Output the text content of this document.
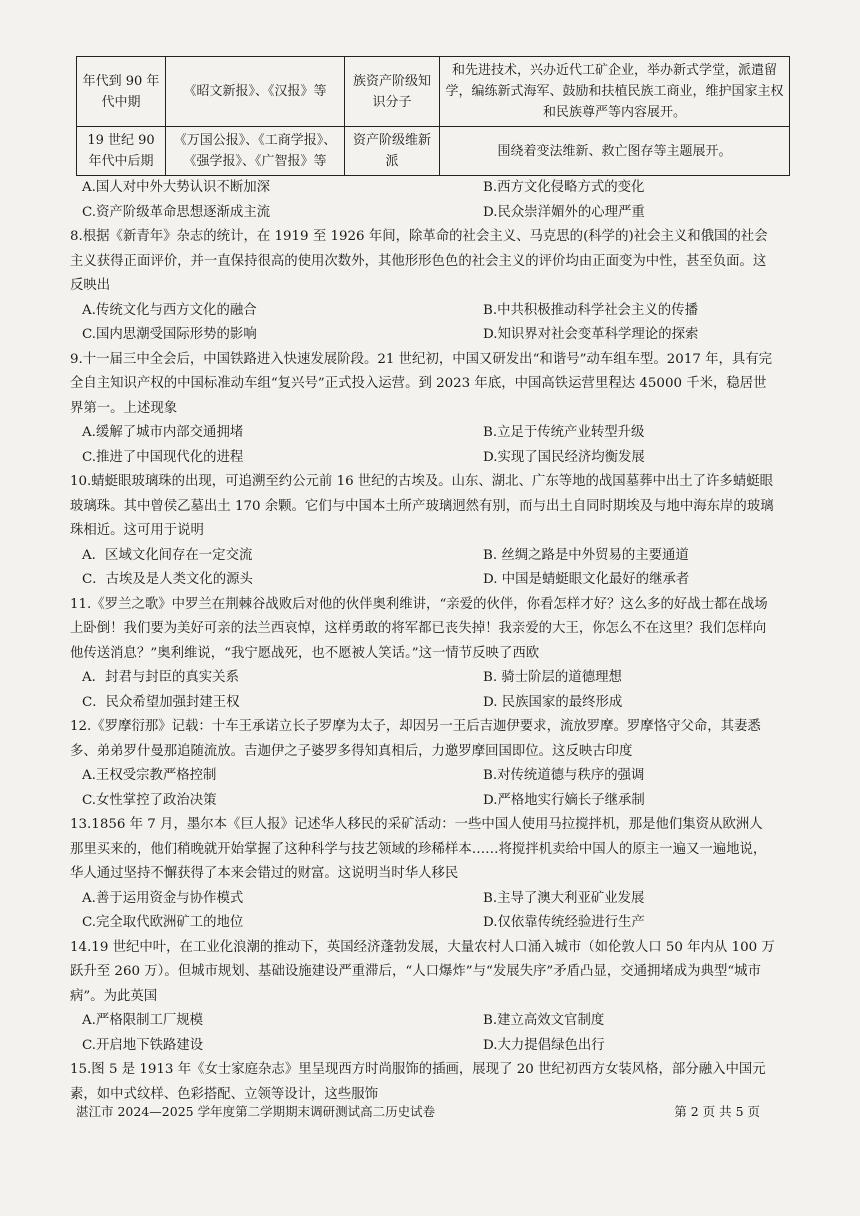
年代到 90 年代中期	《昭文新报》、《汉报》等	族资产阶级知识分子	和先进技术，兴办近代工矿企业，举办新式学堂，派遣留学，编练新式海军、鼓励和扶植民族工商业，维护国家主权和民族尊严等内容展开。
19 世纪 90 年代中后期	《万国公报》、《工商学报》、《强学报》、《广智报》等	资产阶级维新派	围绕着变法维新、救亡图存等主题展开。
A.国人对中外大势认识不断加深	B.西方文化侵略方式的变化
C.资产阶级革命思想逐渐成主流	D.民众崇洋媚外的心理严重

8.根据《新青年》杂志的统计，在 1919 至 1926 年间，除革命的社会主义、马克思的(科学的)社会主义和俄国的社会主义获得正面评价，并一直保持很高的使用次数外，其他形形色色的社会主义的评价均由正面变为中性，甚至负面。这反映出

A.传统文化与西方文化的融合	B.中共积极推动科学社会主义的传播
C.国内思潮受国际形势的影响	D.知识界对社会变革科学理论的探索

9.十一届三中全会后，中国铁路进入快速发展阶段。21 世纪初，中国又研发出“和谐号”动车组车型。2017 年，具有完全自主知识产权的中国标准动车组“复兴号”正式投入运营。到 2023 年底，中国高铁运营里程达 45000 千米，稳居世界第一。上述现象

A.缓解了城市内部交通拥堵	B.立足于传统产业转型升级
C.推进了中国现代化的进程	D.实现了国民经济均衡发展

10.蜻蜓眼玻璃珠的出现，可追溯至约公元前 16 世纪的古埃及。山东、湖北、广东等地的战国墓葬中出土了许多蜻蜓眼玻璃珠。其中曾侯乙墓出土 170 余颗。它们与中国本土所产玻璃迥然有别，而与出土自同时期埃及与地中海东岸的玻璃珠相近。这可用于说明

A．区域文化间存在一定交流	B. 丝绸之路是中外贸易的主要通道
C．古埃及是人类文化的源头	D. 中国是蜻蜓眼文化最好的继承者

11.《罗兰之歌》中罗兰在荆棘谷战败后对他的伙伴奥利维讲，“亲爱的伙伴，你看怎样才好？这么多的好战士都在战场上卧倒！我们要为美好可亲的法兰西哀悼，这样勇敢的将军都已丧失掉！我亲爱的大王，你怎么不在这里？我们怎样向他传送消息？”奥利维说，“我宁愿战死，也不愿被人笑话。”这一情节反映了西欧

A．封君与封臣的真实关系	B. 骑士阶层的道德理想
C．民众希望加强封建王权	D. 民族国家的最终形成

12.《罗摩衍那》记载：十车王承诺立长子罗摩为太子，却因另一王后吉迦伊要求，流放罗摩。罗摩恪守父命，其妻悉多、弟弟罗什曼那追随流放。吉迦伊之子婆罗多得知真相后，力邀罗摩回国即位。这反映古印度

A.王权受宗教严格控制	B.对传统道德与秩序的强调
C.女性掌控了政治决策	D.严格地实行嫡长子继承制

13.1856 年 7 月，墨尔本《巨人报》记述华人移民的采矿活动：一些中国人使用马拉搅拌机，那是他们集资从欧洲人那里买来的，他们稍晚就开始掌握了这种科学与技艺领域的珍稀样本……将搅拌机卖给中国人的原主一遍又一遍地说，华人通过坚持不懈获得了本来会错过的财富。这说明当时华人移民

A.善于运用资金与协作模式	B.主导了澳大利亚矿业发展
C.完全取代欧洲矿工的地位	D.仅依靠传统经验进行生产

14.19 世纪中叶，在工业化浪潮的推动下，英国经济蓬勃发展，大量农村人口涌入城市（如伦敦人口 50 年内从 100 万跃升至 260 万）。但城市规划、基础设施建设严重滞后，“人口爆炸”与“发展失序”矛盾凸显，交通拥堵成为典型“城市病”。为此英国

A.严格限制工厂规模	B.建立高效文官制度
C.开启地下铁路建设	D.大力提倡绿色出行

15.图 5 是 1913 年《女士家庭杂志》里呈现西方时尚服饰的插画，展现了 20 世纪初西方女装风格，部分融入中国元素，如中式纹样、色彩搭配、立领等设计，这些服饰

湛江市 2024—2025 学年度第二学期期末调研测试高二历史试卷	第 2 页 共 5 页
